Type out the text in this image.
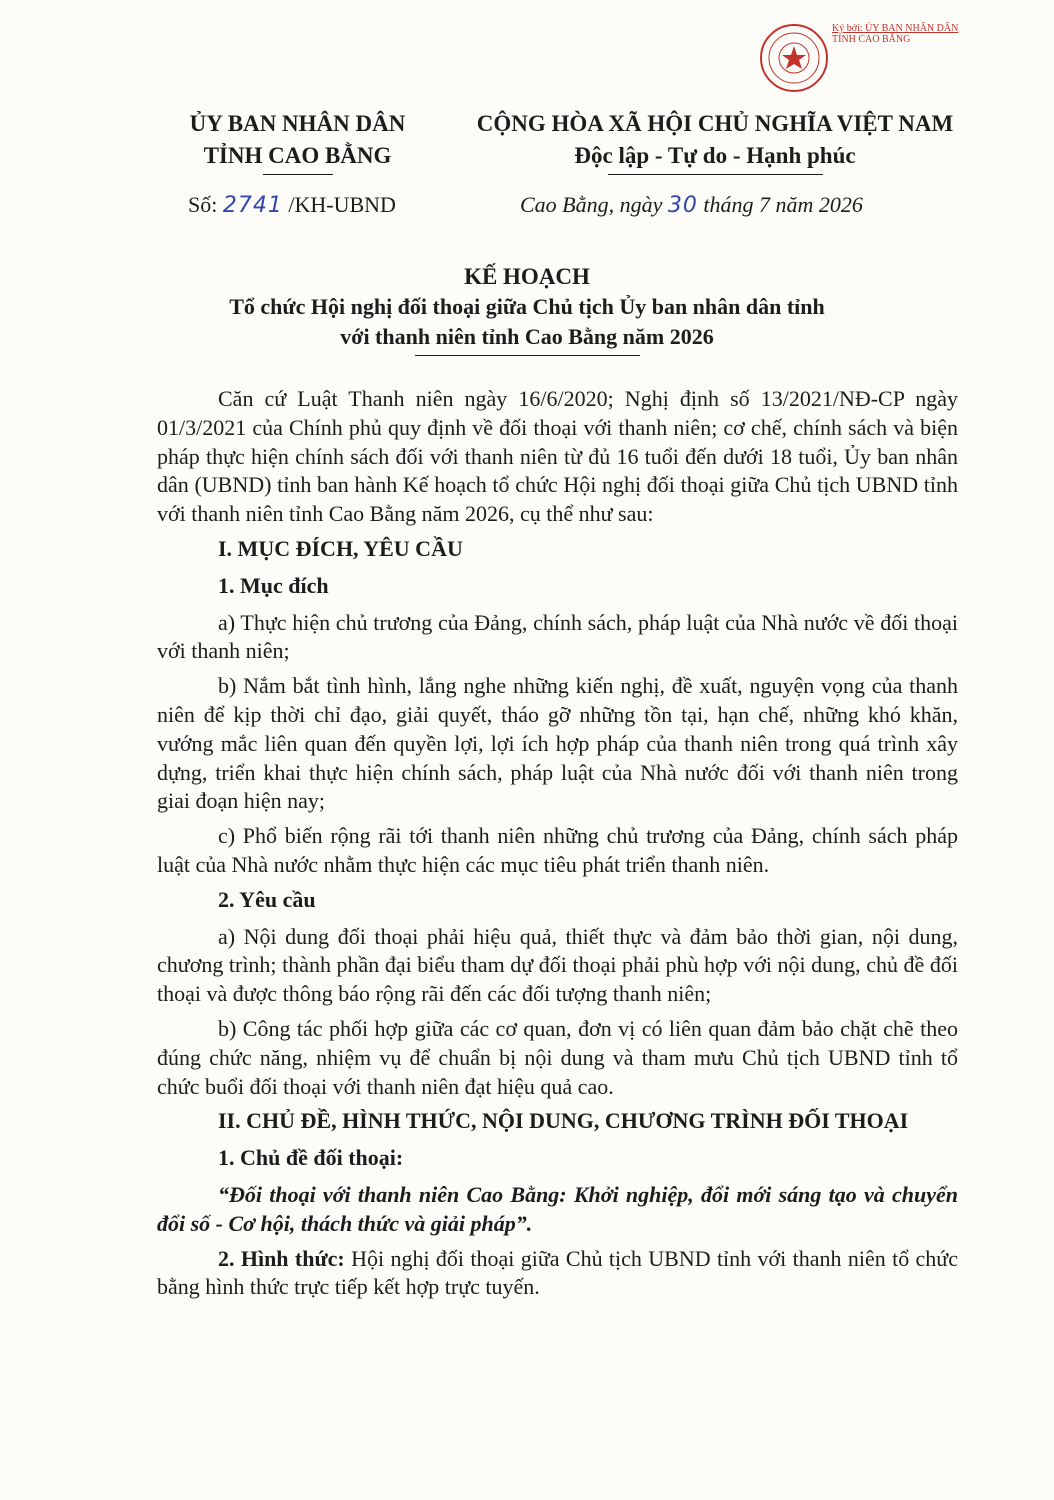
Ký bởi: ỦY BAN NHÂN DÂN
TỈNH CAO BẰNG
ỦY BAN NHÂN DÂN
TỈNH CAO BẰNG
CỘNG HÒA XÃ HỘI CHỦ NGHĨA VIỆT NAM
Độc lập - Tự do - Hạnh phúc
Số: 2741 /KH-UBND	Cao Bằng, ngày 30 tháng 7 năm 2026
KẾ HOẠCH
Tổ chức Hội nghị đối thoại giữa Chủ tịch Ủy ban nhân dân tỉnh
với thanh niên tỉnh Cao Bằng năm 2026

Căn cứ Luật Thanh niên ngày 16/6/2020; Nghị định số 13/2021/NĐ-CP ngày 01/3/2021 của Chính phủ quy định về đối thoại với thanh niên; cơ chế, chính sách và biện pháp thực hiện chính sách đối với thanh niên từ đủ 16 tuổi đến dưới 18 tuổi, Ủy ban nhân dân (UBND) tỉnh ban hành Kế hoạch tổ chức Hội nghị đối thoại giữa Chủ tịch UBND tỉnh với thanh niên tỉnh Cao Bằng năm 2026, cụ thể như sau:

I. MỤC ĐÍCH, YÊU CẦU
1. Mục đích

a) Thực hiện chủ trương của Đảng, chính sách, pháp luật của Nhà nước về đối thoại với thanh niên;

b) Nắm bắt tình hình, lắng nghe những kiến nghị, đề xuất, nguyện vọng của thanh niên để kịp thời chỉ đạo, giải quyết, tháo gỡ những tồn tại, hạn chế, những khó khăn, vướng mắc liên quan đến quyền lợi, lợi ích hợp pháp của thanh niên trong quá trình xây dựng, triển khai thực hiện chính sách, pháp luật của Nhà nước đối với thanh niên trong giai đoạn hiện nay;

c) Phổ biến rộng rãi tới thanh niên những chủ trương của Đảng, chính sách pháp luật của Nhà nước nhằm thực hiện các mục tiêu phát triển thanh niên.

2. Yêu cầu

a) Nội dung đối thoại phải hiệu quả, thiết thực và đảm bảo thời gian, nội dung, chương trình; thành phần đại biểu tham dự đối thoại phải phù hợp với nội dung, chủ đề đối thoại và được thông báo rộng rãi đến các đối tượng thanh niên;

b) Công tác phối hợp giữa các cơ quan, đơn vị có liên quan đảm bảo chặt chẽ theo đúng chức năng, nhiệm vụ để chuẩn bị nội dung và tham mưu Chủ tịch UBND tỉnh tổ chức buổi đối thoại với thanh niên đạt hiệu quả cao.

II. CHỦ ĐỀ, HÌNH THỨC, NỘI DUNG, CHƯƠNG TRÌNH ĐỐI THOẠI
1. Chủ đề đối thoại:

“Đối thoại với thanh niên Cao Bằng: Khởi nghiệp, đổi mới sáng tạo và chuyển đổi số - Cơ hội, thách thức và giải pháp”.

2. Hình thức: Hội nghị đối thoại giữa Chủ tịch UBND tỉnh với thanh niên tổ chức bằng hình thức trực tiếp kết hợp trực tuyến.
